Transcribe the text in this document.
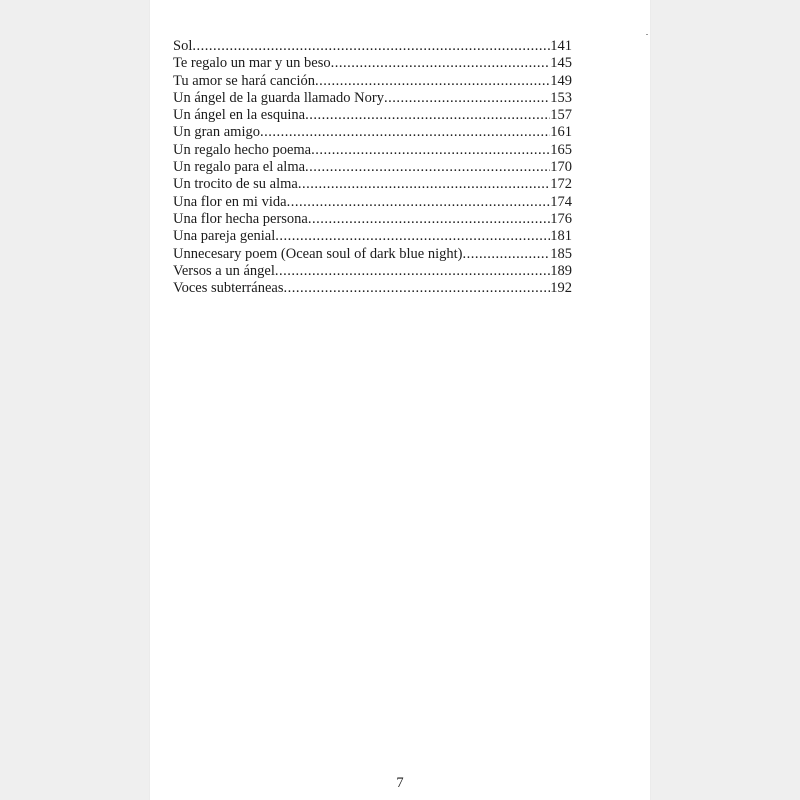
Sol .....	141
Te regalo un mar y un beso .....	145
Tu amor se hará canción .....	149
Un ángel de la guarda llamado Nory .....	153
Un ángel en la esquina .....	157
Un gran amigo .....	161
Un regalo hecho poema .....	165
Un regalo para el alma .....	170
Un trocito de su alma .....	172
Una flor en mi vida .....	174
Una flor hecha persona .....	176
Una pareja genial .....	181
Unnecesary poem (Ocean soul of dark blue night) .....	185
Versos a un ángel .....	189
Voces subterráneas .....	192
7
